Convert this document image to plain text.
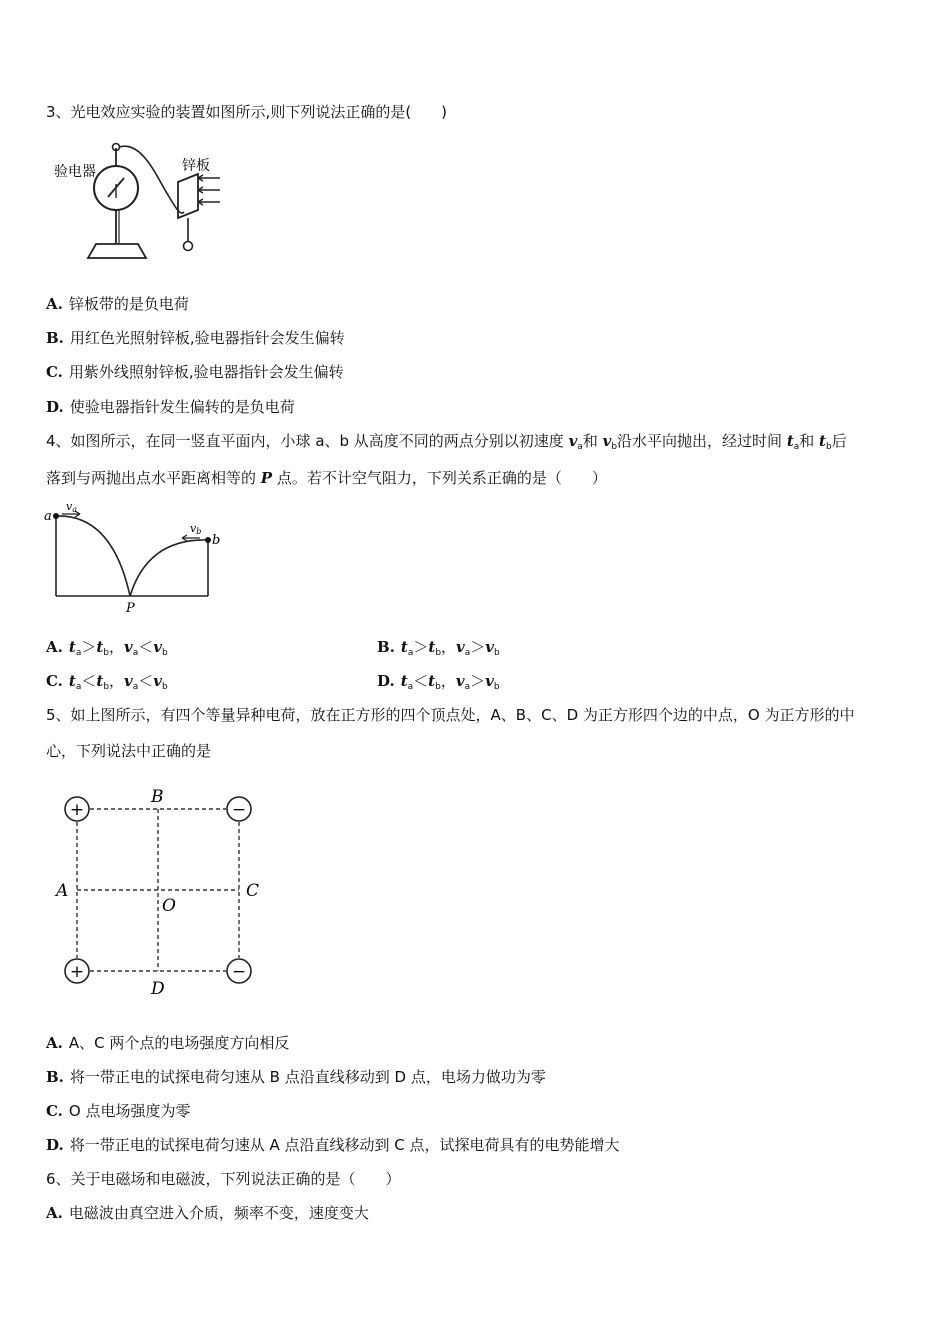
3、光电效应实验的装置如图所示,则下列说法正确的是(　　)
验电器	锌板
A. 锌板带的是负电荷
B. 用红色光照射锌板,验电器指针会发生偏转
C. 用紫外线照射锌板,验电器指针会发生偏转
D. 使验电器指针发生偏转的是负电荷
4、如图所示，在同一竖直平面内，小球 a、b 从高度不同的两点分别以初速度 $v_a$和 $v_b$沿水平向抛出，经过时间 $t_a$和 $t_b$后
落到与两抛出点水平距离相等的 P 点。若不计空气阻力，下列关系正确的是（　　）
a
b
P
va
vb
A. $t_a>t_b$，$v_a<v_b$	B. $t_a>t_b$，$v_a>v_b$
C. $t_a<t_b$，$v_a<v_b$	D. $t_a<t_b$，$v_a>v_b$
5、如上图所示，有四个等量异种电荷，放在正方形的四个顶点处，A、B、C、D 为正方形四个边的中点，O 为正方形的中
心，下列说法中正确的是
+	−
+	−
B
D
A	C
O
A. A、C 两个点的电场强度方向相反
B. 将一带正电的试探电荷匀速从 B 点沿直线移动到 D 点，电场力做功为零
C. O 点电场强度为零
D. 将一带正电的试探电荷匀速从 A 点沿直线移动到 C 点，试探电荷具有的电势能增大
6、关于电磁场和电磁波，下列说法正确的是（　　）
A. 电磁波由真空进入介质，频率不变，速度变大
